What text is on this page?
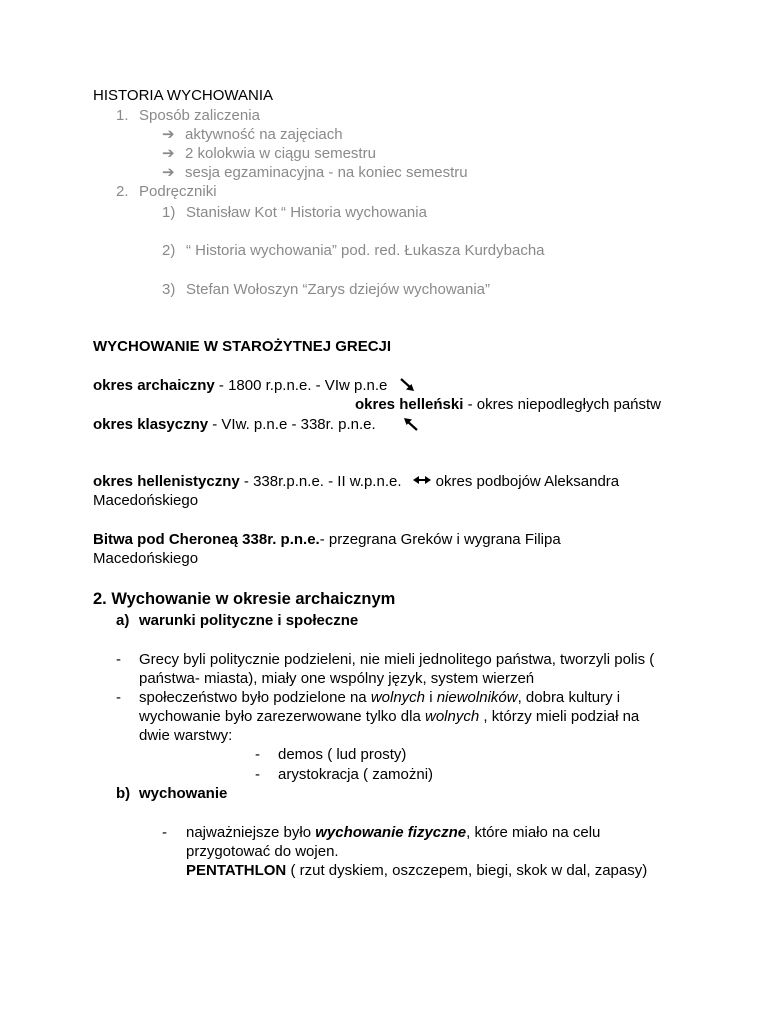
HISTORIA WYCHOWANIA
1. Sposób zaliczenia
➔ aktywność na zajęciach
➔ 2 kolokwia w ciągu semestru
➔ sesja egzaminacyjna - na koniec semestru
2. Podręczniki
1) Stanisław Kot “ Historia wychowania
2) “ Historia wychowania” pod. red. Łukasza Kurdybacha
3) Stefan Wołoszyn “Zarys dziejów wychowania”
WYCHOWANIE W STAROŻYTNEJ GRECJI
okres archaiczny - 1800 r.p.n.e. - VIw p.n.e
okres helleński - okres niepodległych państw
okres klasyczny - VIw. p.n.e - 338r. p.n.e.
okres hellenistyczny - 338r.p.n.e. - II w.p.n.e. okres podbojów Aleksandra
Macedońskiego
Bitwa pod Cheroneą 338r. p.n.e.- przegrana Greków i wygrana Filipa
Macedońskiego
2. Wychowanie w okresie archaicznym
a) warunki polityczne i społeczne
- Grecy byli politycznie podzieleni, nie mieli jednolitego państwa, tworzyli polis (
państwa- miasta), miały one wspólny język, system wierzeń
- społeczeństwo było podzielone na wolnych i niewolników, dobra kultury i
wychowanie było zarezerwowane tylko dla wolnych , którzy mieli podział na
dwie warstwy:
- demos ( lud prosty)
- arystokracja ( zamożni)
b) wychowanie
- najważniejsze było wychowanie fizyczne, które miało na celu
przygotować do wojen.
PENTATHLON ( rzut dyskiem, oszczepem, biegi, skok w dal, zapasy)
